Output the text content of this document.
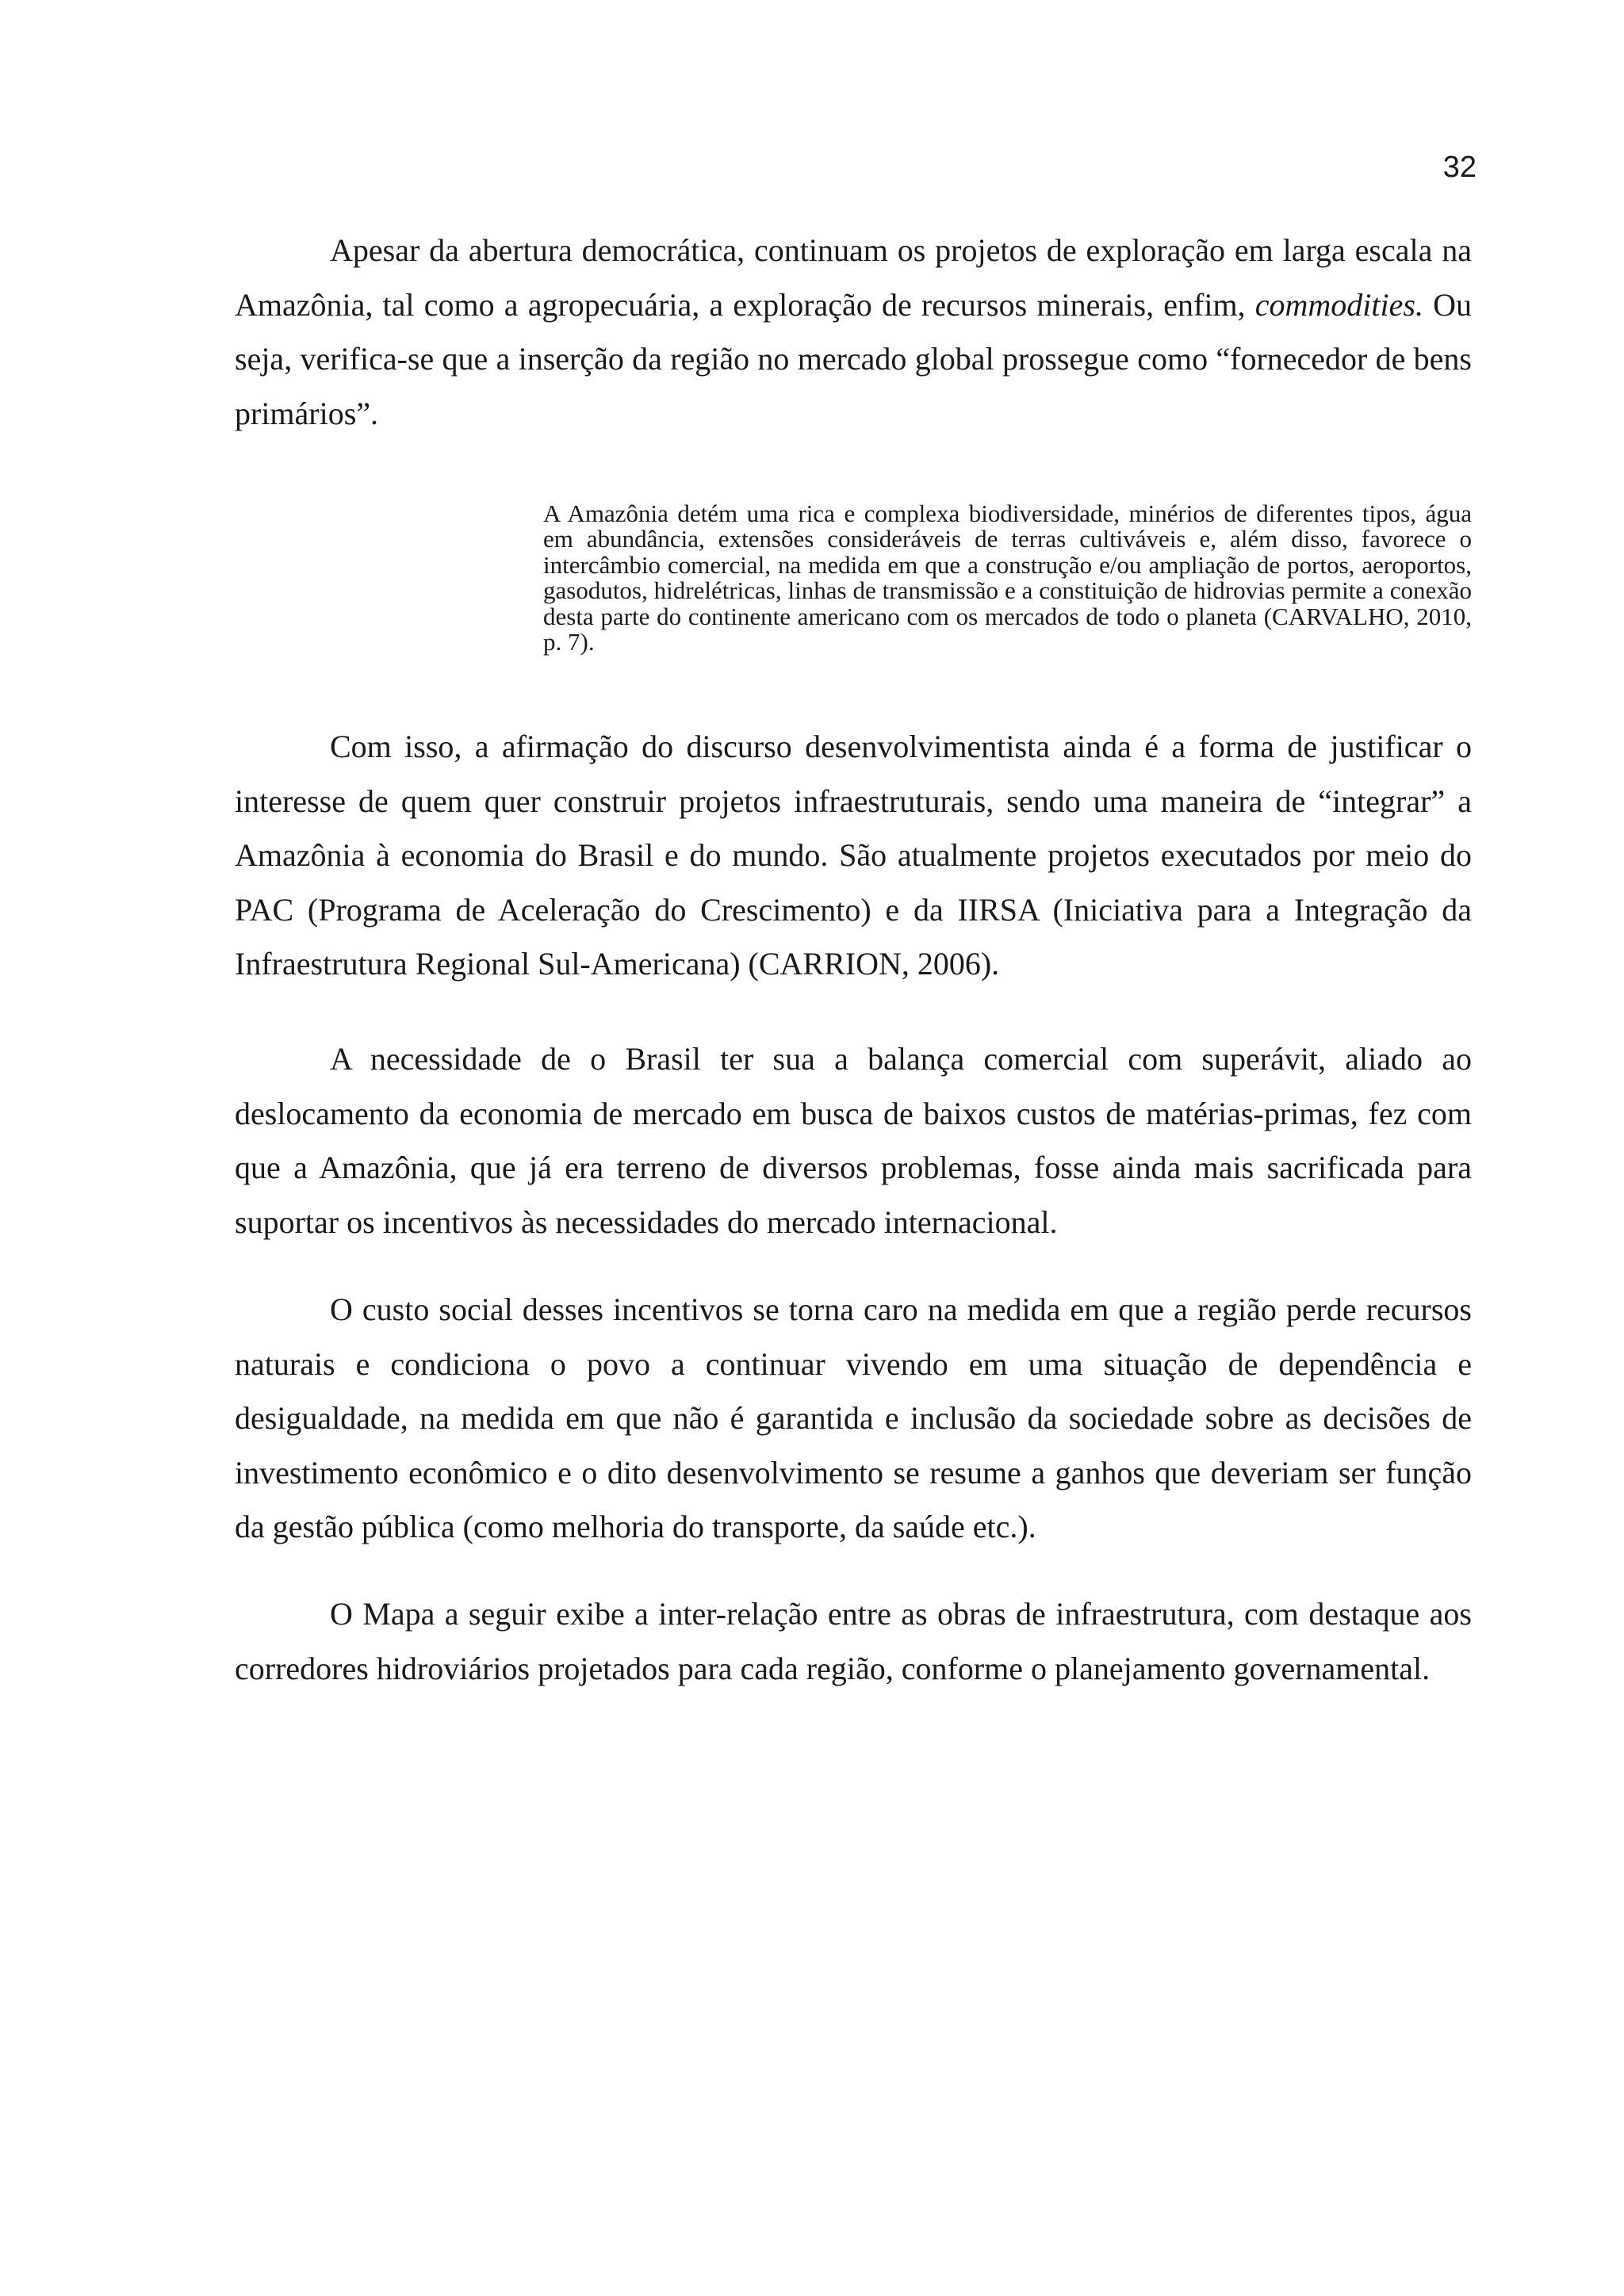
32

Apesar da abertura democrática, continuam os projetos de exploração em larga escala na Amazônia, tal como a agropecuária, a exploração de recursos minerais, enfim, commodities. Ou seja, verifica-se que a inserção da região no mercado global prossegue como “fornecedor de bens primários”.

A Amazônia detém uma rica e complexa biodiversidade, minérios de diferentes tipos, água em abundância, extensões consideráveis de terras cultiváveis e, além disso, favorece o intercâmbio comercial, na medida em que a construção e/ou ampliação de portos, aeroportos, gasodutos, hidrelétricas, linhas de transmissão e a constituição de hidrovias permite a conexão desta parte do continente americano com os mercados de todo o planeta (CARVALHO, 2010, p. 7).

Com isso, a afirmação do discurso desenvolvimentista ainda é a forma de justificar o interesse de quem quer construir projetos infraestruturais, sendo uma maneira de “integrar” a Amazônia à economia do Brasil e do mundo. São atualmente projetos executados por meio do PAC (Programa de Aceleração do Crescimento) e da IIRSA (Iniciativa para a Integração da Infraestrutura Regional Sul-Americana) (CARRION, 2006).

A necessidade de o Brasil ter sua a balança comercial com superávit, aliado ao deslocamento da economia de mercado em busca de baixos custos de matérias-primas, fez com que a Amazônia, que já era terreno de diversos problemas, fosse ainda mais sacrificada para suportar os incentivos às necessidades do mercado internacional.

O custo social desses incentivos se torna caro na medida em que a região perde recursos naturais e condiciona o povo a continuar vivendo em uma situação de dependência e desigualdade, na medida em que não é garantida e inclusão da sociedade sobre as decisões de investimento econômico e o dito desenvolvimento se resume a ganhos que deveriam ser função da gestão pública (como melhoria do transporte, da saúde etc.).

O Mapa a seguir exibe a inter-relação entre as obras de infraestrutura, com destaque aos corredores hidroviários projetados para cada região, conforme o planejamento governamental.
